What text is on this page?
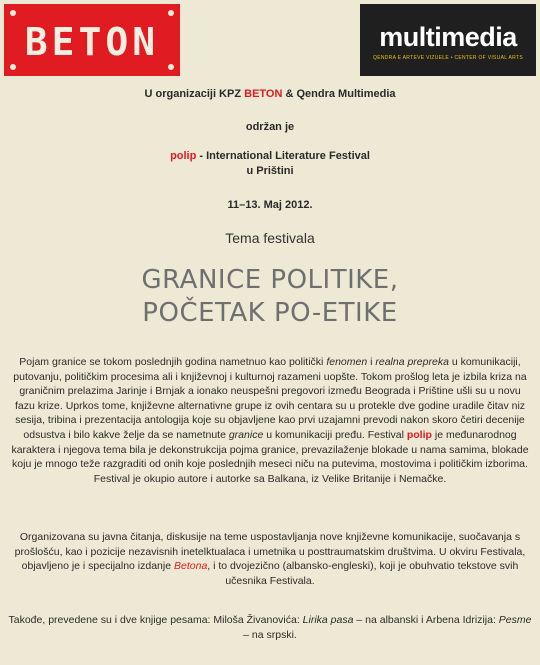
BETON	multimedia
QENDRA E ARTEVE VIZUELE • CENTER OF VISUAL ARTS
U organizaciji KPZ BETON & Qendra Multimedia
održan je
polip - International Literature Festival
u Prištini
11–13. Maj 2012.
Tema festivala
GRANICE POLITIKE,
POČETAK PO-ETIKE

Pojam granice se tokom poslednjih godina nametnuo kao politički fenomen i realna prepreka u komunikaciji, putovanju, političkim procesima ali i književnoj i kulturnoj razameni uopšte. Tokom prošlog leta je izbila kriza na graničnim prelazima Jarinje i Brnjak a ionako neuspešni pregovori između Beograda i Prištine ušli su u novu fazu krize. Uprkos tome, književne alternativne grupe iz ovih centara su u protekle dve godine uradile čitav niz sesija, tribina i prezentacija antologija koje su objavljene kao prvi uzajamni prevodi nakon skoro četiri decenije odsustva i bilo kakve želje da se nametnute granice u komunikaciji pređu. Festival polip je međunarodnog karaktera i njegova tema bila je dekonstrukcija pojma granice, prevazilaženje blokade u nama samima, blokade koju je mnogo teže razgraditi od onih koje poslednjih meseci niču na putevima, mostovima i političkim izborima. Festival je okupio autore i autorke sa Balkana, iz Velike Britanije i Nemačke.

Organizovana su javna čitanja, diskusije na teme uspostavljanja nove književne komunikacije, suočavanja s prošlošću, kao i pozicije nezavisnih inetelktualaca i umetnika u posttraumatskim društvima. U okviru Festivala, objavljeno je i specijalno izdanje Betona, i to dvojezično (albansko-engleski), koji je obuhvatio tekstove svih učesnika Festivala.

Takođe, prevedene su i dve knjige pesama: Miloša Živanovića: Lirika pasa – na albanski i Arbena Idrizija: Pesme – na srpski.
